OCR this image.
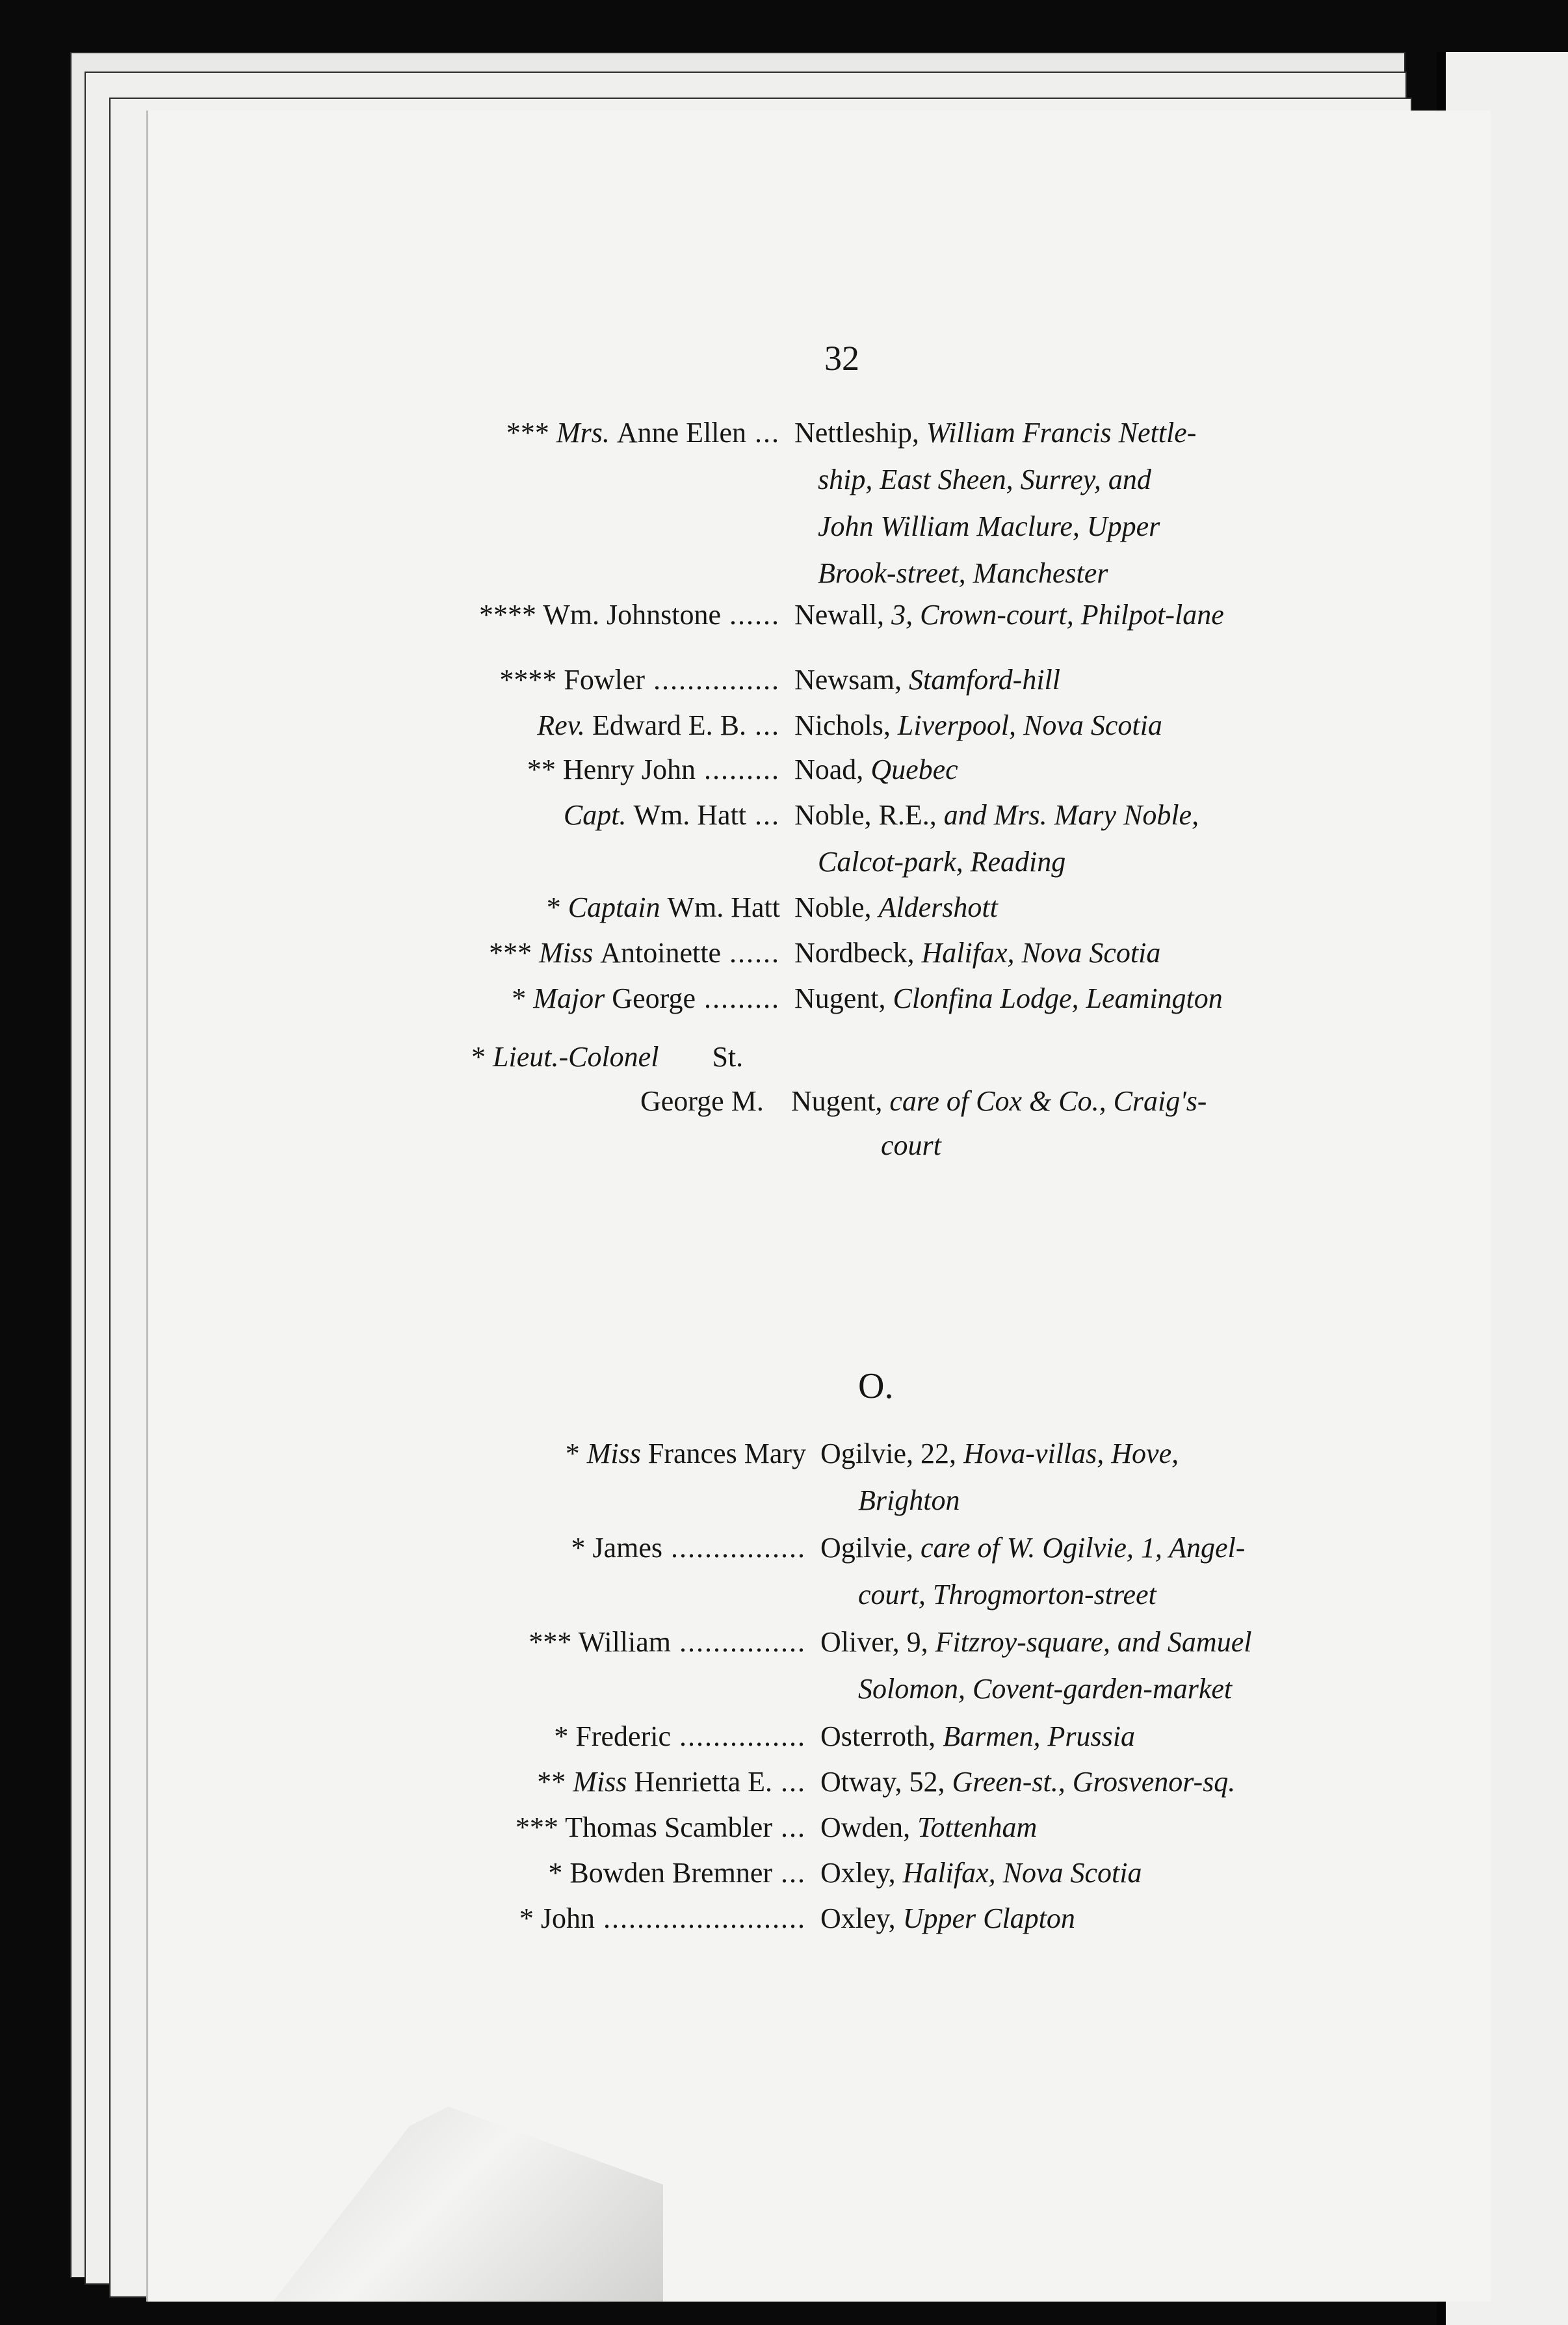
32
* Lieut.-Colonel St.
George M. Nugent, care of Cox & Co., Craig's-
court
O.
*** Mrs. Anne Ellen ... Nettleship, William Francis Nettle-
ship, East Sheen, Surrey, and
John William Maclure, Upper
Brook-street, Manchester
**** Wm. Johnstone ...... Newall, 3, Crown-court, Philpot-lane
**** Fowler ............... Newsam, Stamford-hill
Rev. Edward E. B. ... Nichols, Liverpool, Nova Scotia
** Henry John ......... Noad, Quebec
Capt. Wm. Hatt ... Noble, R.E., and Mrs. Mary Noble,
Calcot-park, Reading
* Captain Wm. Hatt Noble, Aldershott
*** Miss Antoinette ...... Nordbeck, Halifax, Nova Scotia
* Major George ......... Nugent, Clonfina Lodge, Leamington
* Miss Frances Mary Ogilvie, 22, Hova-villas, Hove,
Brighton
* James ................ Ogilvie, care of W. Ogilvie, 1, Angel-
court, Throgmorton-street
*** William ............... Oliver, 9, Fitzroy-square, and Samuel
Solomon, Covent-garden-market
* Frederic ............... Osterroth, Barmen, Prussia
** Miss Henrietta E. ... Otway, 52, Green-st., Grosvenor-sq.
*** Thomas Scambler ... Owden, Tottenham
* Bowden Bremner ... Oxley, Halifax, Nova Scotia
* John ........................ Oxley, Upper Clapton
